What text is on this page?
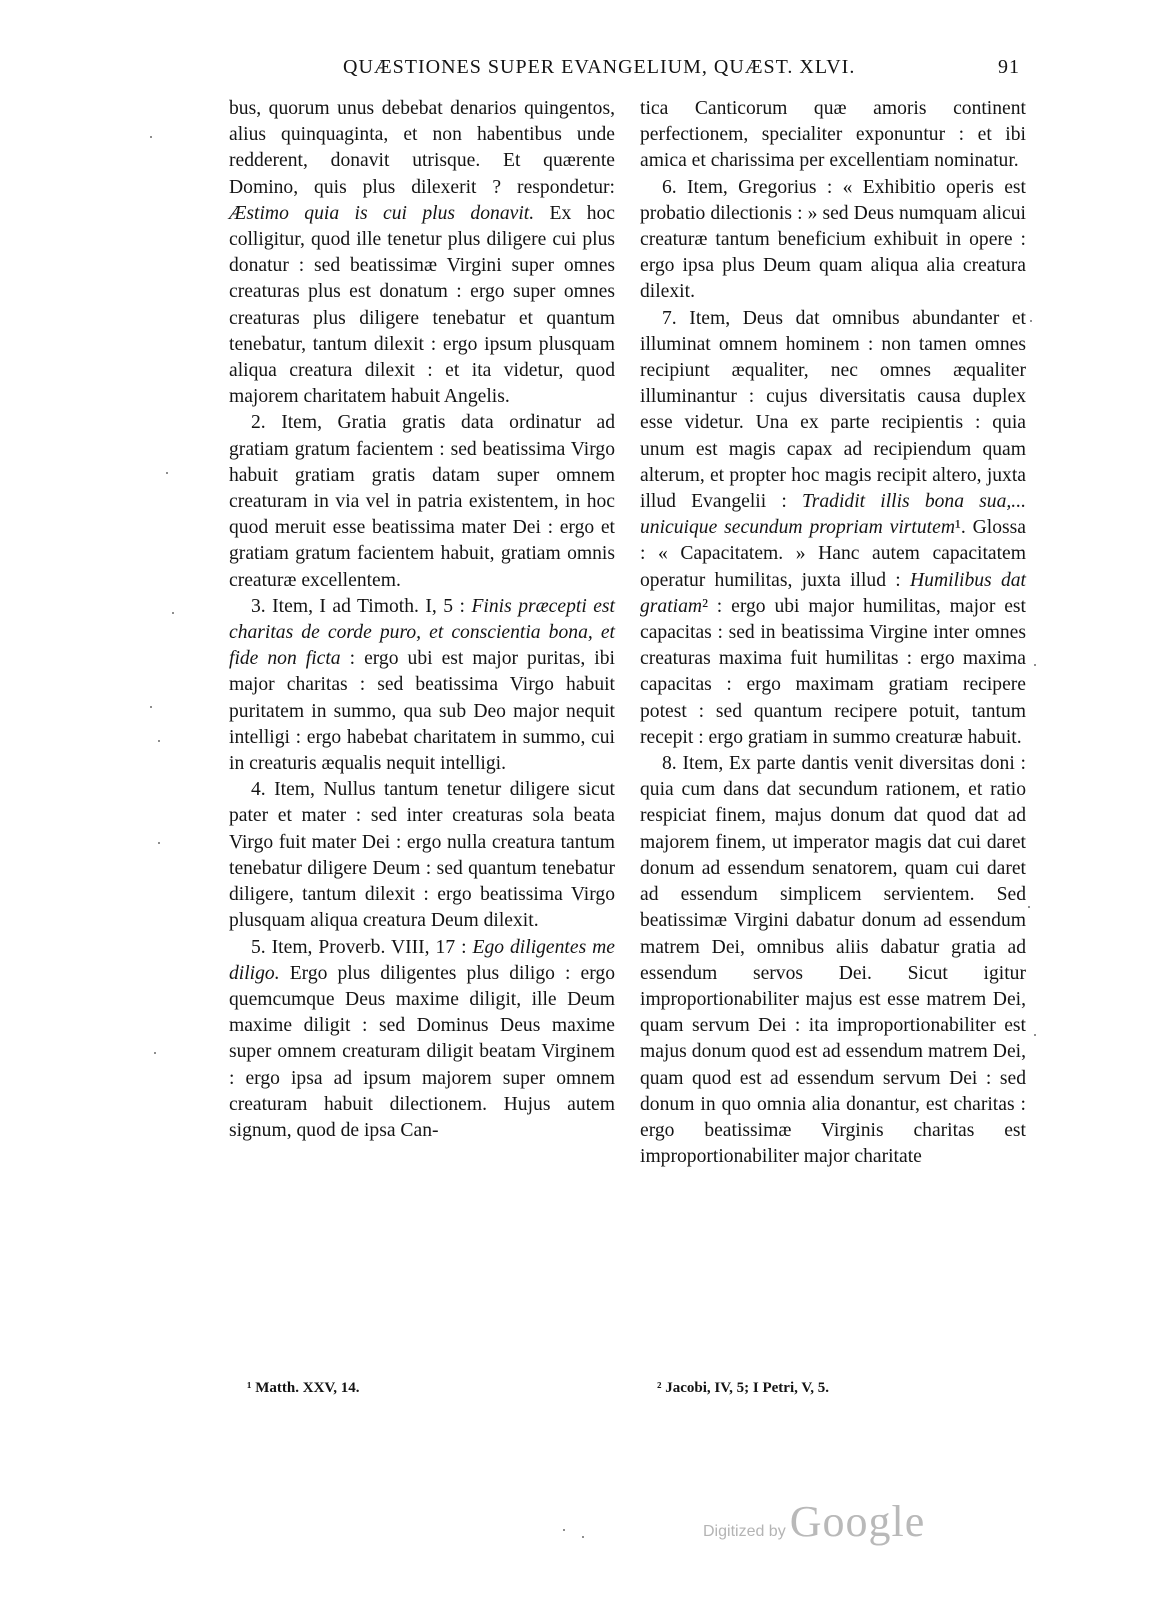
QUÆSTIONES SUPER EVANGELIUM, QUÆST. XLVI.	91

bus, quorum unus debebat denarios quingentos, alius quinquaginta, et non habentibus unde redderent, donavit utrisque. Et quærente Domino, quis plus dilexerit ? respondetur: Æstimo quia is cui plus donavit. Ex hoc colligitur, quod ille tenetur plus diligere cui plus donatur : sed beatissimæ Virgini super omnes creaturas plus est donatum : ergo super omnes creaturas plus diligere tenebatur et quantum tenebatur, tantum dilexit : ergo ipsum plusquam aliqua creatura dilexit : et ita videtur, quod majorem charitatem habuit Angelis.

2. Item, Gratia gratis data ordinatur ad gratiam gratum facientem : sed beatissima Virgo habuit gratiam gratis datam super omnem creaturam in via vel in patria existentem, in hoc quod meruit esse beatissima mater Dei : ergo et gratiam gratum facientem habuit, gratiam omnis creaturæ excellentem.

3. Item, I ad Timoth. I, 5 : Finis præcepti est charitas de corde puro, et conscientia bona, et fide non ficta : ergo ubi est major puritas, ibi major charitas : sed beatissima Virgo habuit puritatem in summo, qua sub Deo major nequit intelligi : ergo habebat charitatem in summo, cui in creaturis æqualis nequit intelligi.

4. Item, Nullus tantum tenetur diligere sicut pater et mater : sed inter creaturas sola beata Virgo fuit mater Dei : ergo nulla creatura tantum tenebatur diligere Deum : sed quantum tenebatur diligere, tantum dilexit : ergo beatissima Virgo plusquam aliqua creatura Deum dilexit.

5. Item, Proverb. VIII, 17 : Ego diligentes me diligo. Ergo plus diligentes plus diligo : ergo quemcumque Deus maxime diligit, ille Deum maxime diligit : sed Dominus Deus maxime super omnem creaturam diligit beatam Virginem : ergo ipsa ad ipsum majorem super omnem creaturam habuit dilectionem. Hujus autem signum, quod de ipsa Can-

tica Canticorum quæ amoris continent perfectionem, specialiter exponuntur : et ibi amica et charissima per excellentiam nominatur.

6. Item, Gregorius : « Exhibitio operis est probatio dilectionis : » sed Deus numquam alicui creaturæ tantum beneficium exhibuit in opere : ergo ipsa plus Deum quam aliqua alia creatura dilexit.

7. Item, Deus dat omnibus abundanter et illuminat omnem hominem : non tamen omnes recipiunt æqualiter, nec omnes æqualiter illuminantur : cujus diversitatis causa duplex esse videtur. Una ex parte recipientis : quia unum est magis capax ad recipiendum quam alterum, et propter hoc magis recipit altero, juxta illud Evangelii : Tradidit illis bona sua,... unicuique secundum propriam virtutem¹. Glossa : « Capacitatem. » Hanc autem capacitatem operatur humilitas, juxta illud : Humilibus dat gratiam² : ergo ubi major humilitas, major est capacitas : sed in beatissima Virgine inter omnes creaturas maxima fuit humilitas : ergo maxima capacitas : ergo maximam gratiam recipere potest : sed quantum recipere potuit, tantum recepit : ergo gratiam in summo creaturæ habuit.

8. Item, Ex parte dantis venit diversitas doni : quia cum dans dat secundum rationem, et ratio respiciat finem, majus donum dat quod dat ad majorem finem, ut imperator magis dat cui daret donum ad essendum senatorem, quam cui daret ad essendum simplicem servientem. Sed beatissimæ Virgini dabatur donum ad essendum matrem Dei, omnibus aliis dabatur gratia ad essendum servos Dei. Sicut igitur improportionabiliter majus est esse matrem Dei, quam servum Dei : ita improportionabiliter est majus donum quod est ad essendum matrem Dei, quam quod est ad essendum servum Dei : sed donum in quo omnia alia donantur, est charitas : ergo beatissimæ Virginis charitas est improportionabiliter major charitate

¹ Matth. XXV, 14.	² Jacobi, IV, 5; I Petri, V, 5.
Digitized by Google
